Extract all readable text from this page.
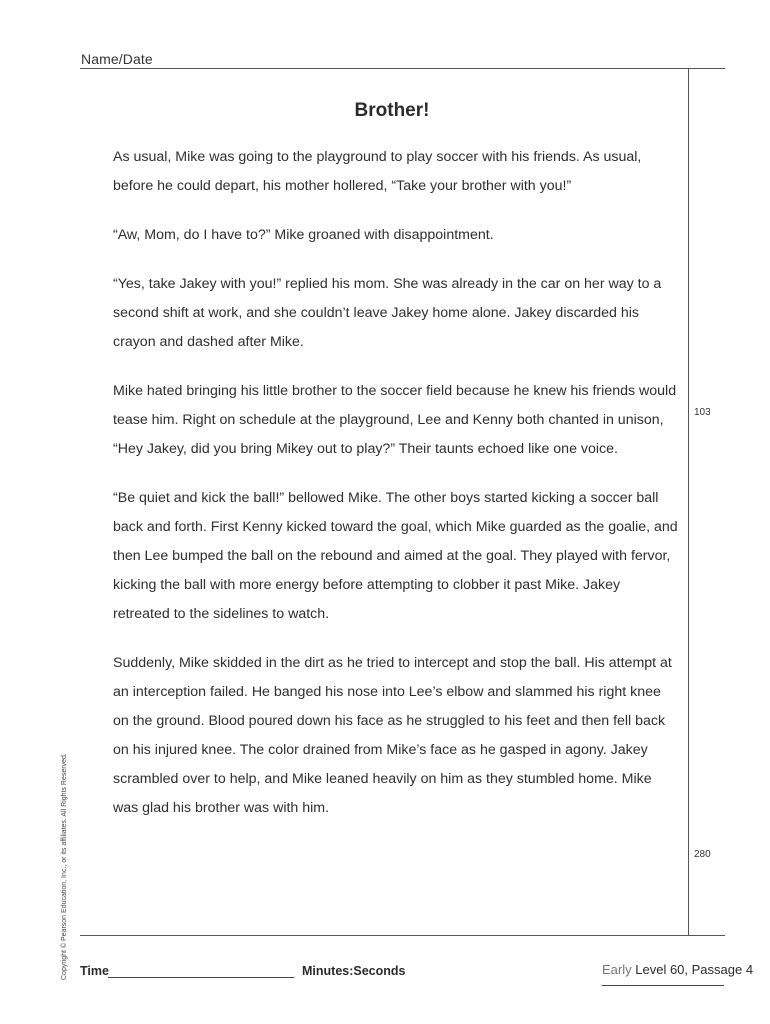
Name/Date
Brother!

As usual, Mike was going to the playground to play soccer with his friends. As usual, before he could depart, his mother hollered, “Take your brother with you!”

“Aw, Mom, do I have to?” Mike groaned with disappointment.

“Yes, take Jakey with you!” replied his mom. She was already in the car on her way to a second shift at work, and she couldn’t leave Jakey home alone. Jakey discarded his crayon and dashed after Mike.

Mike hated bringing his little brother to the soccer field because he knew his friends would tease him. Right on schedule at the playground, Lee and Kenny both chanted in unison, “Hey Jakey, did you bring Mikey out to play?” Their taunts echoed like one voice.

“Be quiet and kick the ball!” bellowed Mike. The other boys started kicking a soccer ball back and forth. First Kenny kicked toward the goal, which Mike guarded as the goalie, and then Lee bumped the ball on the rebound and aimed at the goal. They played with fervor, kicking the ball with more energy before attempting to clobber it past Mike. Jakey retreated to the sidelines to watch.

Suddenly, Mike skidded in the dirt as he tried to intercept and stop the ball. His attempt at an interception failed. He banged his nose into Lee’s elbow and slammed his right knee on the ground. Blood poured down his face as he struggled to his feet and then fell back on his injured knee. The color drained from Mike’s face as he gasped in agony. Jakey scrambled over to help, and Mike leaned heavily on him as they stumbled home. Mike was glad his brother was with him.

103
280
Copyright © Pearson Education, Inc., or its affiliates. All Rights Reserved. Time	Minutes:Seconds	Early Level 60, Passage 4
